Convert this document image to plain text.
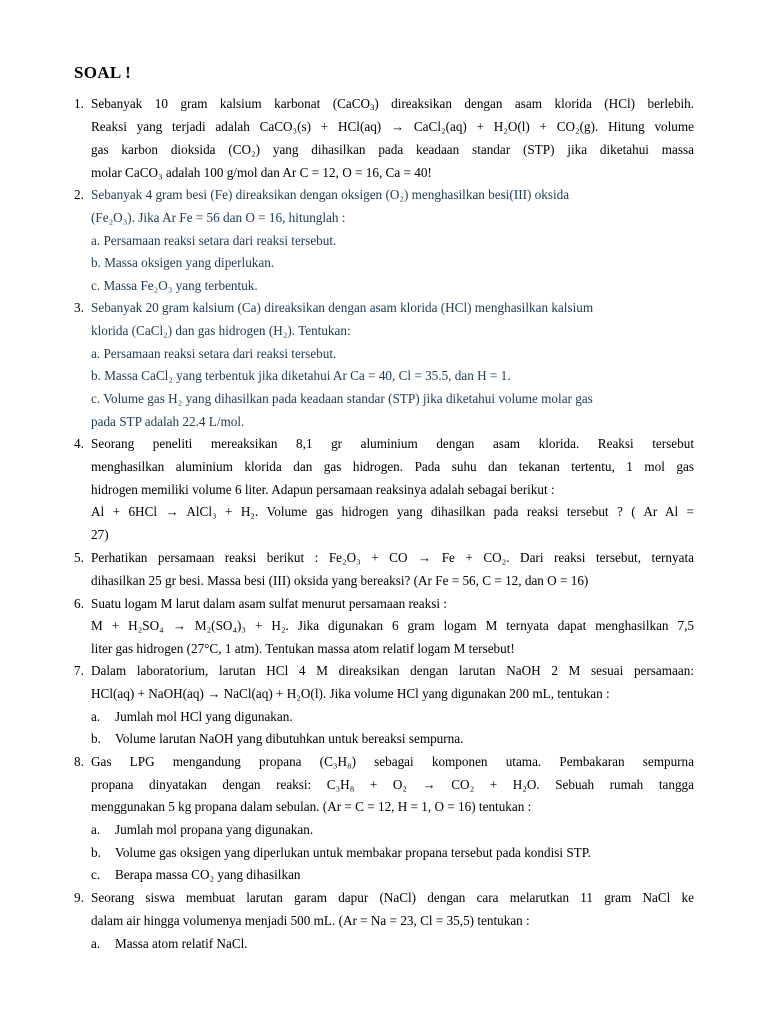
SOAL !
1. Sebanyak 10 gram kalsium karbonat (CaCO$_3$) direaksikan dengan asam klorida (HCl) berlebih.
Reaksi yang terjadi adalah CaCO₃(s) + HCl(aq) → CaCl₂(aq) + H₂O(l) + CO₂(g). Hitung volume
gas karbon dioksida (CO₂) yang dihasilkan pada keadaan standar (STP) jika diketahui massa
molar CaCO₃ adalah 100 g/mol dan Ar C = 12, O = 16, Ca = 40!
2. Sebanyak 4 gram besi (Fe) direaksikan dengan oksigen (O₂) menghasilkan besi(III) oksida
(Fe₂O₃). Jika Ar Fe = 56 dan O = 16, hitunglah :
a. Persamaan reaksi setara dari reaksi tersebut.
b. Massa oksigen yang diperlukan.
c. Massa Fe₂O₃ yang terbentuk.
3. Sebanyak 20 gram kalsium (Ca) direaksikan dengan asam klorida (HCl) menghasilkan kalsium
klorida (CaCl₂) dan gas hidrogen (H₂). Tentukan:
a. Persamaan reaksi setara dari reaksi tersebut.
b. Massa CaCl₂ yang terbentuk jika diketahui Ar Ca = 40, Cl = 35.5, dan H = 1.
c. Volume gas H₂ yang dihasilkan pada keadaan standar (STP) jika diketahui volume molar gas
pada STP adalah 22.4 L/mol.
4. Seorang peneliti mereaksikan 8,1 gr aluminium dengan asam klorida. Reaksi tersebut
menghasilkan aluminium klorida dan gas hidrogen. Pada suhu dan tekanan tertentu, 1 mol gas
hidrogen memiliki volume 6 liter. Adapun persamaan reaksinya adalah sebagai berikut :
Al + 6HCl → AlCl₃ + H₂. Volume gas hidrogen yang dihasilkan pada reaksi tersebut ? ( Ar Al =
27)
5. Perhatikan persamaan reaksi berikut : Fe₂O₃ + CO → Fe + CO₂. Dari reaksi tersebut, ternyata
dihasilkan 25 gr besi. Massa besi (III) oksida yang bereaksi? (Ar Fe = 56, C = 12, dan O = 16)
6. Suatu logam M larut dalam asam sulfat menurut persamaan reaksi :
M + H₂SO₄ → M₂(SO₄)₃ + H₂. Jika digunakan 6 gram logam M ternyata dapat menghasilkan 7,5
liter gas hidrogen (27°C, 1 atm). Tentukan massa atom relatif logam M tersebut!
7. Dalam laboratorium, larutan HCl 4 M direaksikan dengan larutan NaOH 2 M sesuai persamaan:
HCl(aq) + NaOH(aq) → NaCl(aq) + H₂O(l). Jika volume HCl yang digunakan 200 mL, tentukan :
a.	Jumlah mol HCl yang digunakan.
b.	Volume larutan NaOH yang dibutuhkan untuk bereaksi sempurna.
8. Gas LPG mengandung propana (C₃H₈) sebagai komponen utama. Pembakaran sempurna
propana dinyatakan dengan reaksi: C₃H₈ + O₂ → CO₂ + H₂O. Sebuah rumah tangga
menggunakan 5 kg propana dalam sebulan. (Ar = C = 12, H = 1, O = 16) tentukan :
a.	Jumlah mol propana yang digunakan.
b.	Volume gas oksigen yang diperlukan untuk membakar propana tersebut pada kondisi STP.
c.	Berapa massa CO₂ yang dihasilkan
9. Seorang siswa membuat larutan garam dapur (NaCl) dengan cara melarutkan 11 gram NaCl ke
dalam air hingga volumenya menjadi 500 mL. (Ar = Na = 23, Cl = 35,5) tentukan :
a.	Massa atom relatif NaCl.
